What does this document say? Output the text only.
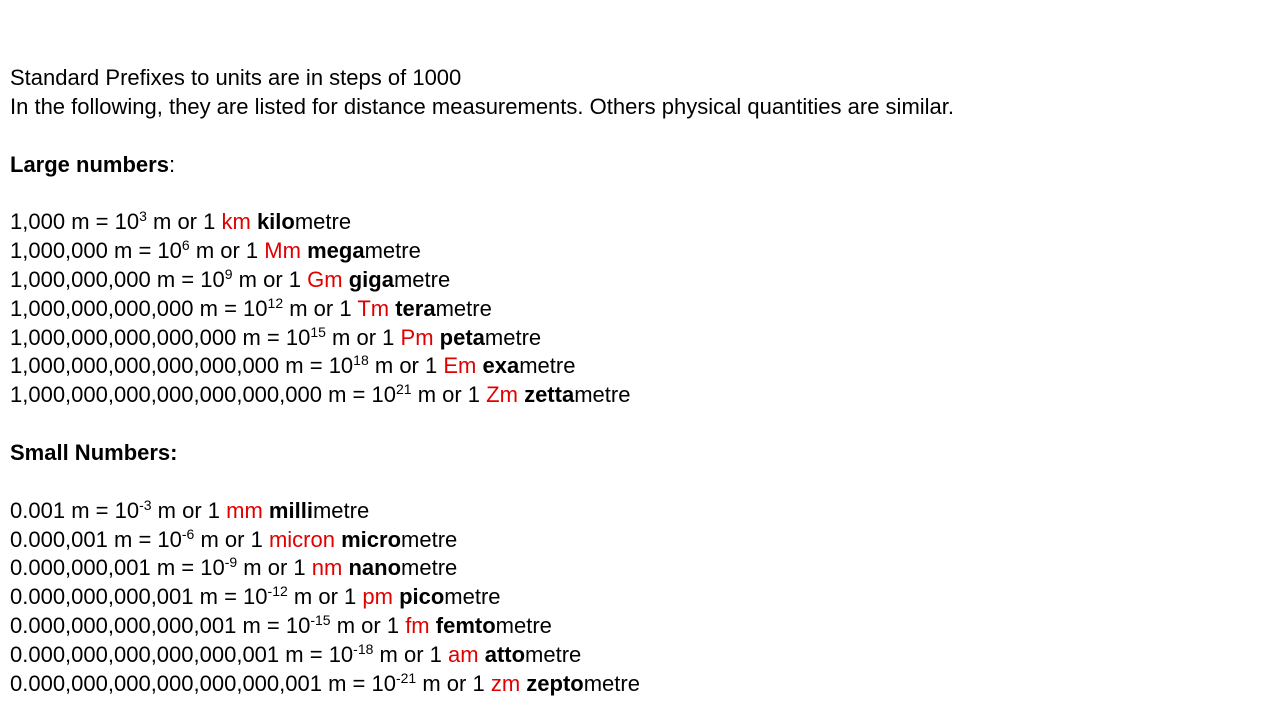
Standard Prefixes to units are in steps of 1000
In the following, they are listed for distance measurements. Others physical quantities are similar.
Large numbers:
1,000 $m = 10^3$ m or 1 km kilometre
1,000,000 $m = 10^6$ m or 1 Mm megametre
1,000,000,000 $m = 10^9$ m or 1 Gm gigametre
1,000,000,000,000 $m = 10^{12}$ m or 1 Tm terametre
1,000,000,000,000,000 $m = 10^{15}$ m or 1 Pm petametre
1,000,000,000,000,000,000 $m = 10^{18}$ m or 1 Em exametre
1,000,000,000,000,000,000,000 $m = 10^{21}$ m or 1 Zm zettametre
Small Numbers:
0.001 $m = 10^{-3}$ m or 1 mm millimetre
0.000,001 $m = 10^{-6}$ m or 1 micron micrometre
0.000,000,001 $m = 10^{-9}$ m or 1 nm nanometre
0.000,000,000,001 $m = 10^{-12}$ m or 1 pm picometre
0.000,000,000,000,001 $m = 10^{-15}$ m or 1 fm femtometre
0.000,000,000,000,000,001 $m = 10^{-18}$ m or 1 am attometre
0.000,000,000,000,000,000,001 $m = 10^{-21}$ m or 1 zm zeptometre
